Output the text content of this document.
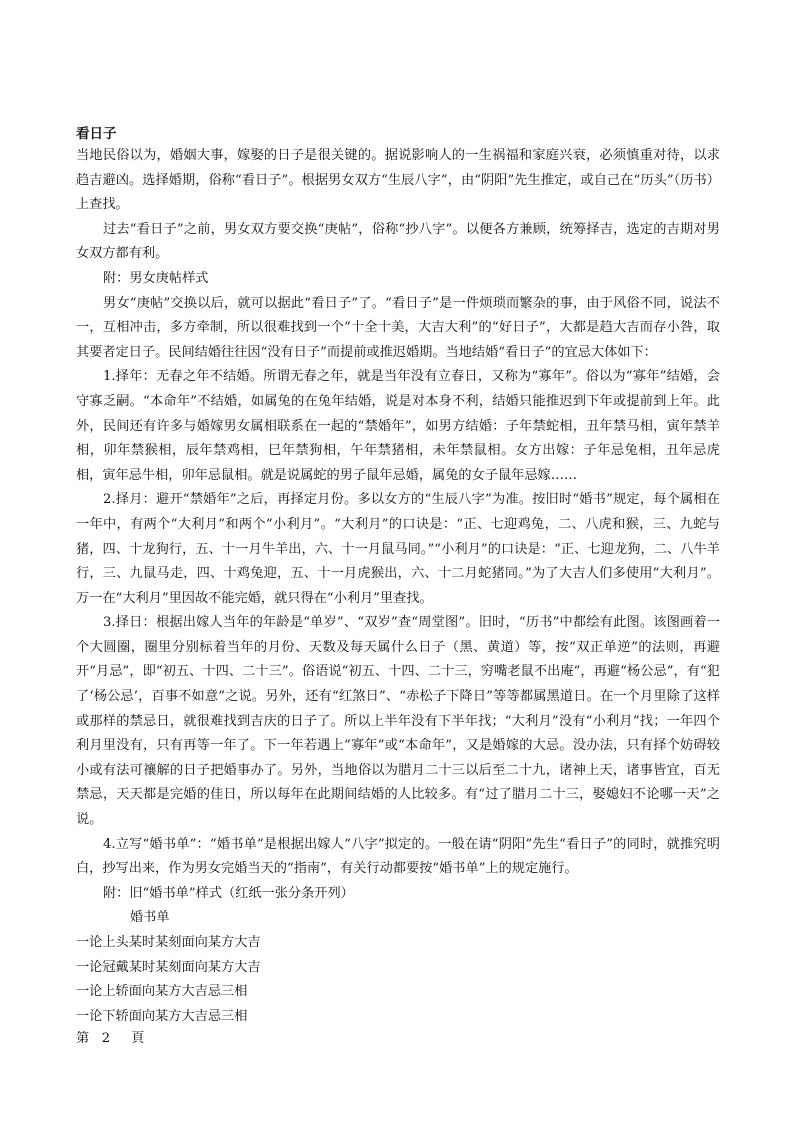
看日子

当地民俗以为，婚姻大事，嫁娶的日子是很关键的。据说影响人的一生祸福和家庭兴衰，必须慎重对待，以求趋吉避凶。选择婚期，俗称“看日子”。根据男女双方“生辰八字”，由“阴阳”先生推定，或自己在“历头”（历书）上查找。

过去“看日子”之前，男女双方要交换“庚帖”，俗称“抄八字”。以便各方兼顾，统筹择吉，选定的吉期对男女双方都有利。

附：男女庚帖样式

男女“庚帖”交换以后，就可以据此“看日子”了。“看日子”是一件烦琐而繁杂的事，由于风俗不同，说法不一，互相冲击，多方牵制，所以很难找到一个“十全十美，大吉大利”的“好日子”，大都是趋大吉而存小咎，取其要者定日子。民间结婚往往因“没有日子”而提前或推迟婚期。当地结婚“看日子”的宜忌大体如下：

1.择年：无春之年不结婚。所谓无春之年，就是当年没有立春日，又称为“寡年”。俗以为“寡年”结婚，会守寡乏嗣。“本命年”不结婚，如属兔的在兔年结婚，说是对本身不利，结婚只能推迟到下年或提前到上年。此外，民间还有许多与婚嫁男女属相联系在一起的“禁婚年”，如男方结婚：子年禁蛇相，丑年禁马相，寅年禁羊相，卯年禁猴相，辰年禁鸡相，巳年禁狗相，午年禁猪相，未年禁鼠相。女方出嫁：子年忌兔相，丑年忌虎相，寅年忌牛相，卯年忌鼠相。就是说属蛇的男子鼠年忌婚，属兔的女子鼠年忌嫁……

2.择月：避开“禁婚年”之后，再择定月份。多以女方的“生辰八字”为准。按旧时“婚书”规定，每个属相在一年中，有两个“大利月”和两个“小利月”。“大利月”的口诀是：“正、七迎鸡兔，二、八虎和猴，三、九蛇与猪，四、十龙狗行，五、十一月牛羊出，六、十一月鼠马同。”“小利月”的口诀是：“正、七迎龙狗，二、八牛羊行，三、九鼠马走，四、十鸡兔迎，五、十一月虎猴出，六、十二月蛇猪同。”为了大吉人们多使用“大利月”。万一在“大利月”里因故不能完婚，就只得在“小利月”里查找。

3.择日：根据出嫁人当年的年龄是“单岁”、“双岁”查“周堂图”。旧时，“历书”中都绘有此图。该图画着一个大圆圈，圈里分别标着当年的月份、天数及每天属什么日子（黑、黄道）等，按“双正单逆”的法则，再避开“月忌”，即“初五、十四、二十三”。俗语说“初五、十四、二十三，穷嘴老鼠不出庵”，再避“杨公忌”，有“犯了‘杨公忌’，百事不如意”之说。另外，还有“红煞日”、“赤松子下降日”等等都属黑道日。在一个月里除了这样或那样的禁忌日，就很难找到吉庆的日子了。所以上半年没有下半年找；“大利月”没有“小利月”找；一年四个利月里没有，只有再等一年了。下一年若遇上“寡年”或“本命年”，又是婚嫁的大忌。没办法，只有择个妨碍较小或有法可禳解的日子把婚事办了。另外，当地俗以为腊月二十三以后至二十九，诸神上天，诸事皆宜，百无禁忌，天天都是完婚的佳日，所以每年在此期间结婚的人比较多。有“过了腊月二十三，娶媳妇不论哪一天”之说。

4.立写“婚书单”：“婚书单”是根据出嫁人“八字”拟定的。一般在请“阴阳”先生“看日子”的同时，就推究明白，抄写出来，作为男女完婚当天的“指南”，有关行动都要按“婚书单”上的规定施行。

附：旧“婚书单”样式（红纸一张分条开列）

婚书单

一论上头某时某刻面向某方大吉

一论冠戴某时某刻面向某方大吉

一论上轿面向某方大吉忌三相

一论下轿面向某方大吉忌三相

第 2 頁
